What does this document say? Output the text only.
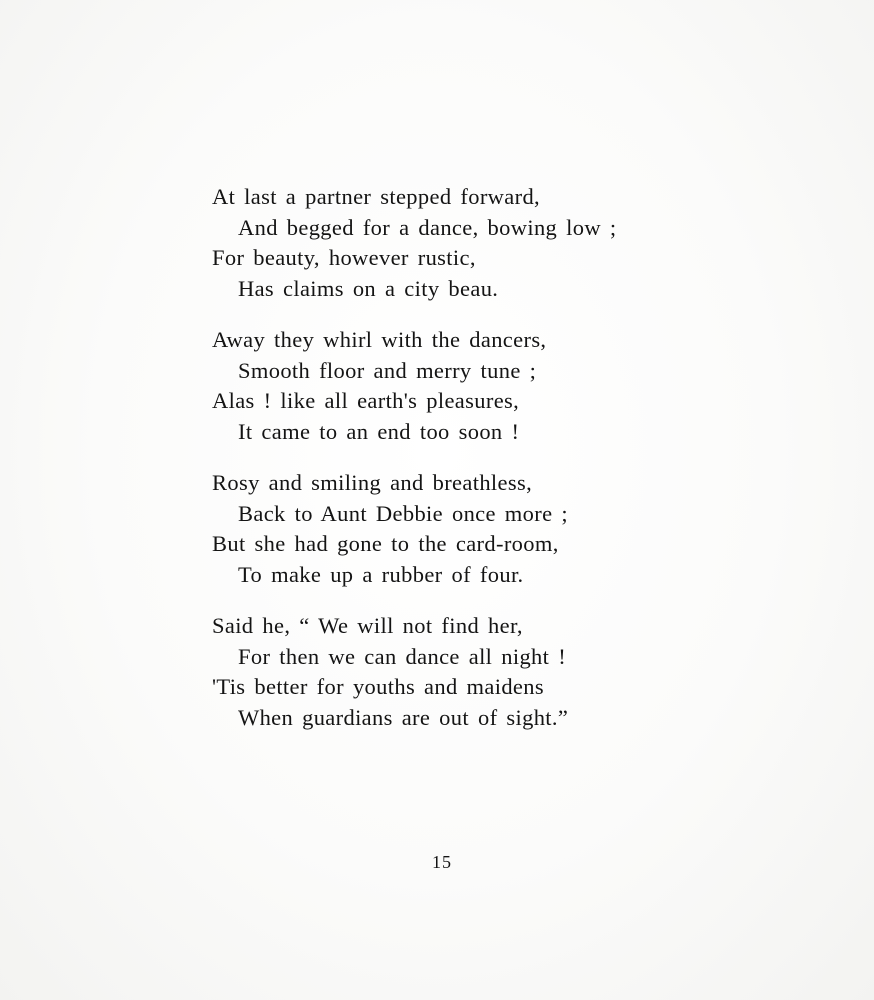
At last a partner stepped forward,
And begged for a dance, bowing low ;
For beauty, however rustic,
Has claims on a city beau.
Away they whirl with the dancers,
Smooth floor and merry tune ;
Alas ! like all earth's pleasures,
It came to an end too soon !
Rosy and smiling and breathless,
Back to Aunt Debbie once more ;
But she had gone to the card-room,
To make up a rubber of four.
Said he, “ We will not find her,
For then we can dance all night !
'Tis better for youths and maidens
When guardians are out of sight.”
15
